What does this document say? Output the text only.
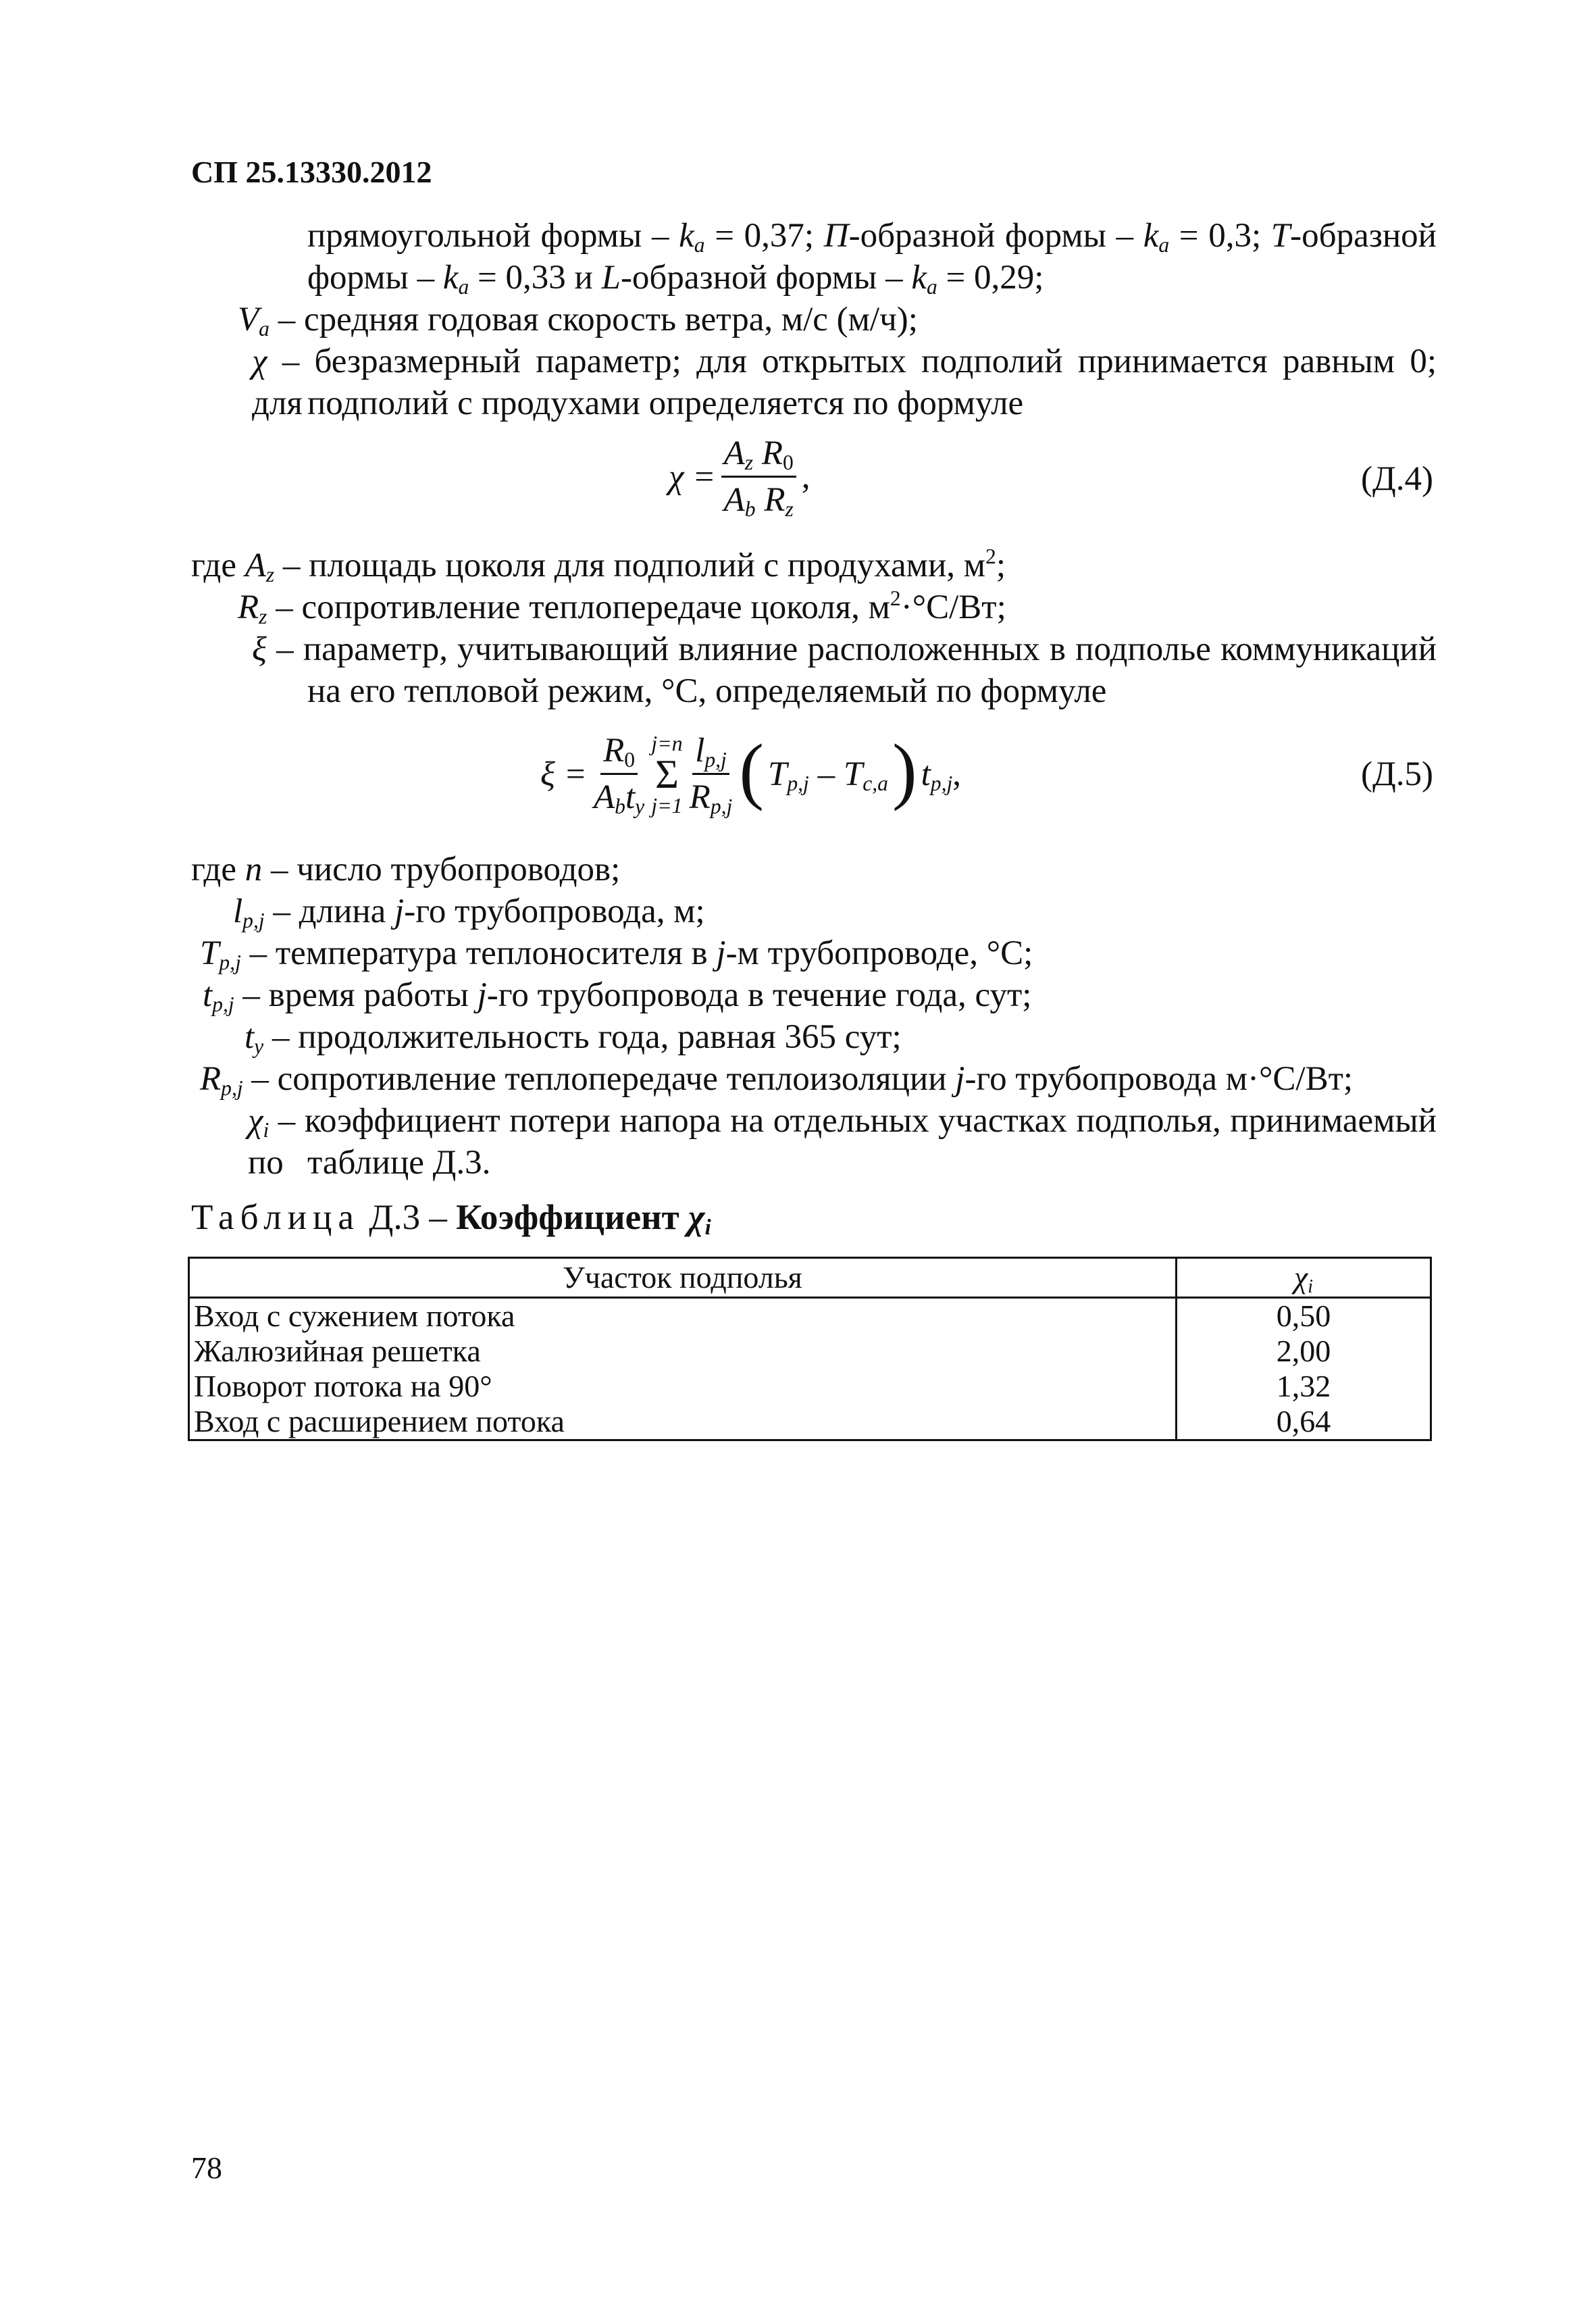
СП 25.13330.2012
прямоугольной формы – $k_a = 0,37$; П-образной формы – $k_a = 0,3$; Т-образной
формы – $k_a = 0,33$ и L-образной формы – $k_a = 0,29$;
$V_a$ – средняя годовая скорость ветра, м/с (м/ч);
χ – безразмерный параметр; для открытых подполий принимается равным 0; для подполий с продухами определяется по формуле
$\chi = \frac{A_z R_0}{A_b R_z}$ ,	(Д.4)
где $A_z$ – площадь цоколя для подполий с продухами, $м^2$;
$R_z$ – сопротивление теплопередаче цоколя, $м^2\cdot^\circ С/Вт$;
ξ – параметр, учитывающий влияние расположенных в подполье коммуникаций
на его тепловой режим, °С, определяемый по формуле
$\xi = \frac{R_0}{A_bt_y} j=n$
Σ
$j=1 \frac{l_{p,j}}{R_{p,j}}$ ( $T_{p,j} - T_{c,a}$ ) $t_{p,j}$,	(Д.5)
где n – число трубопроводов;
$l_{p,j}$ – длина j-го трубопровода, м;
$T_{p,j}$ – температура теплоносителя в j-м трубопроводе, °С;
$t_{p,j}$ – время работы j-го трубопровода в течение года, сут;
$t_y$ – продолжительность года, равная 365 сут;
$R_{p,j}$ – сопротивление теплопередаче теплоизоляции j-го трубопровода м·°С/Вт;
$\chi_i$ – коэффициент потери напора на отдельных участках подполья, принимаемый по таблице Д.3.
Таблица Д.3 – Коэффициент $\chi_i$
Участок подполья	$\chi_i$
Вход с сужением потока	0,50
Жалюзийная решетка	2,00
Поворот потока на 90°	1,32
Вход с расширением потока	0,64
78
